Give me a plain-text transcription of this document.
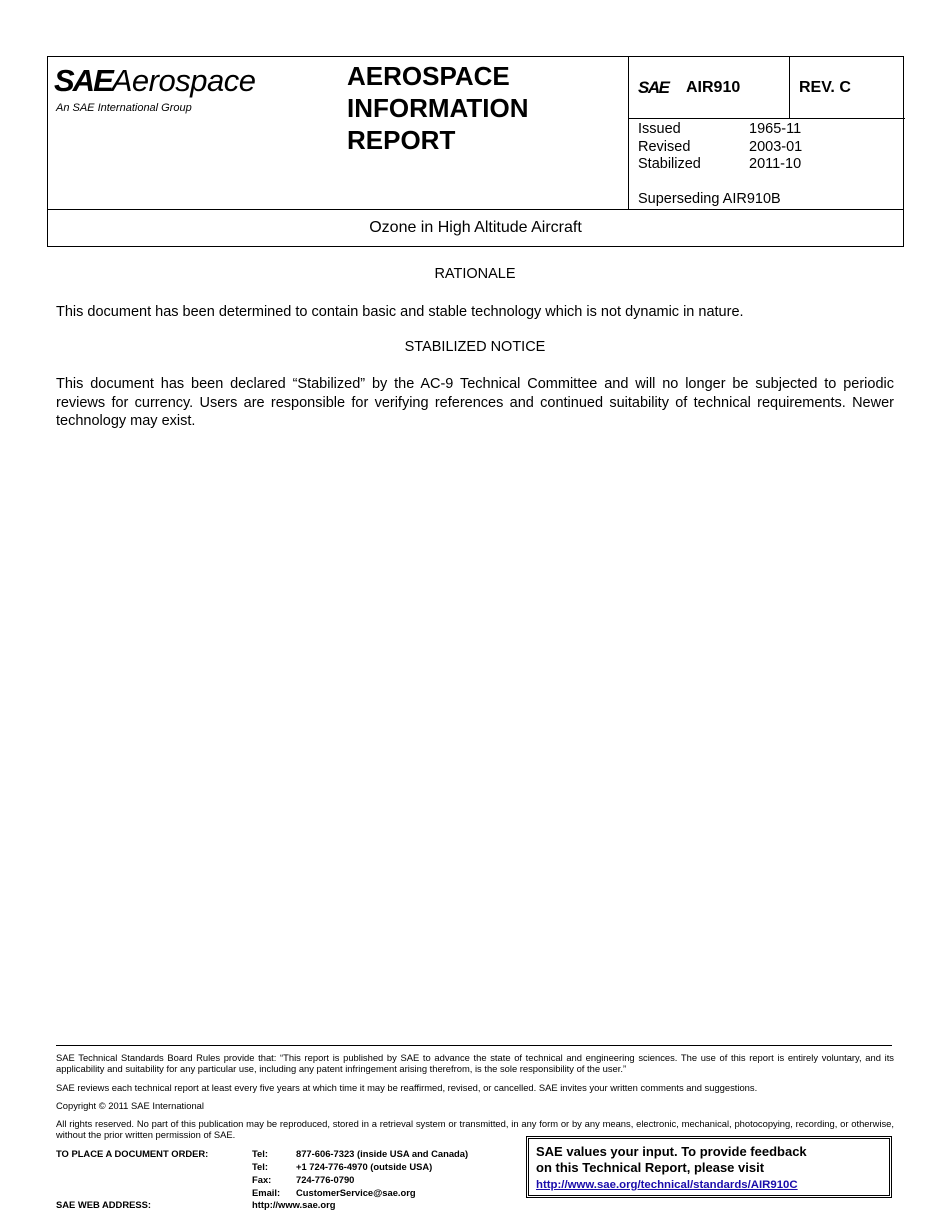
SAEAerospace
An SAE International Group
AEROSPACE
INFORMATION
REPORT
SAE AIR910	REV. C
Issued	1965-11
Revised	2003-01
Stabilized	2011-10
Superseding AIR910B
Ozone in High Altitude Aircraft
RATIONALE
This document has been determined to contain basic and stable technology which is not dynamic in nature.
STABILIZED NOTICE
This document has been declared “Stabilized” by the AC-9 Technical Committee and will no longer be subjected to periodic reviews for currency. Users are responsible for verifying references and continued suitability of technical requirements. Newer technology may exist.
SAE Technical Standards Board Rules provide that: “This report is published by SAE to advance the state of technical and engineering sciences. The use of this report is entirely voluntary, and its applicability and suitability for any particular use, including any patent infringement arising therefrom, is the sole responsibility of the user.”
SAE reviews each technical report at least every five years at which time it may be reaffirmed, revised, or cancelled. SAE invites your written comments and suggestions.
Copyright © 2011 SAE International
All rights reserved. No part of this publication may be reproduced, stored in a retrieval system or transmitted, in any form or by any means, electronic, mechanical, photocopying, recording, or otherwise, without the prior written permission of SAE.
TO PLACE A DOCUMENT ORDER:	Tel:	877-606-7323 (inside USA and Canada)
Tel:	+1 724-776-4970 (outside USA)
Fax:	724-776-0790
Email: CustomerService@sae.org
SAE WEB ADDRESS:	http://www.sae.org
SAE values your input. To provide feedback
on this Technical Report, please visit
http://www.sae.org/technical/standards/AIR910C
